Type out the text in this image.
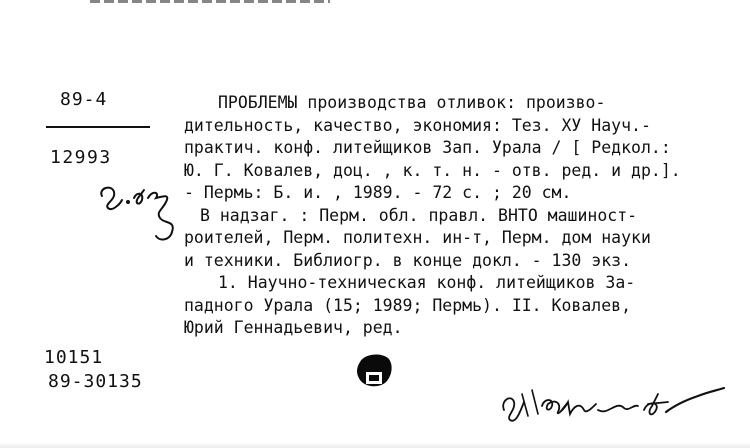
89-4
12993
ПРОБЛЕМЫ производства отливок: произво-
дительность, качество, экономия: Тез. ХУ Науч.-
практич. конф. литейщиков Зап. Урала / [ Редкол.:
Ю. Г. Ковалев, доц. , к. т. н. - отв. ред. и др.].
- Пермь: Б. и. , 1989. - 72 с. ; 20 см.
В надзаг. : Перм. обл. правл. ВНТО машиност-
роителей, Перм. политехн. ин-т, Перм. дом науки
и техники. Библиогр. в конце докл. - 130 экз.
1. Научно-техническая конф. литейщиков За-
падного Урала (15; 1989; Пермь). II. Ковалев,
Юрий Геннадьевич, ред.
10151
89-30135
